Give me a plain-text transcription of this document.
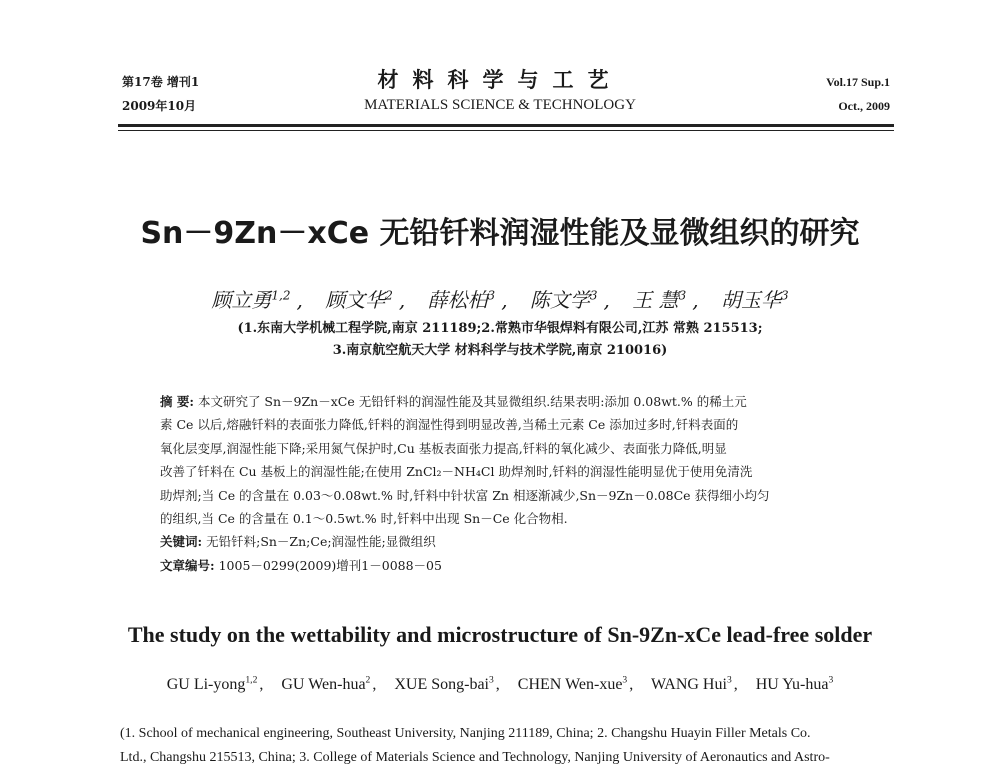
第17卷 增刊1
2009年10月
材料科学与工艺
MATERIALS SCIENCE & TECHNOLOGY
Vol.17 Sup.1
Oct., 2009
Sn－9Zn－xCe 无铅钎料润湿性能及显微组织的研究
顾立勇$^{1,2}$ , 顾文华$^2$ , 薛松柏$^3$ , 陈文学$^3$ , 王 慧$^3$ , 胡玉华$^3$
(1.东南大学机械工程学院,南京 211189;2.常熟市华银焊料有限公司,江苏 常熟 215513;
3.南京航空航天大学 材料科学与技术学院,南京 210016)
摘 要: 本文研究了 Sn－9Zn－xCe 无铅钎料的润湿性能及其显微组织.结果表明:添加 0.08wt.% 的稀土元
素 Ce 以后,熔融钎料的表面张力降低,钎料的润湿性得到明显改善,当稀土元素 Ce 添加过多时,钎料表面的
氧化层变厚,润湿性能下降;采用氮气保护时,Cu 基板表面张力提高,钎料的氧化减少、表面张力降低,明显
改善了钎料在 Cu 基板上的润湿性能;在使用 ZnCl₂－NH₄Cl 助焊剂时,钎料的润湿性能明显优于使用免清洗
助焊剂;当 Ce 的含量在 0.03～0.08wt.% 时,钎料中针状富 Zn 相逐渐减少,Sn－9Zn－0.08Ce 获得细小均匀
的组织,当 Ce 的含量在 0.1～0.5wt.% 时,钎料中出现 Sn－Ce 化合物相.
关键词: 无铅钎料;Sn－Zn;Ce;润湿性能;显微组织
文章编号: 1005－0299(2009)增刊1－0088－05
The study on the wettability and microstructure of Sn-9Zn-xCe lead-free solder
GU Li-yong$^{1,2}$ , GU Wen-hua$^2$ , XUE Song-bai$^3$ , CHEN Wen-xue$^3$ , WANG Hui$^3$ , HU Yu-hua$^3$
(1. School of mechanical engineering, Southeast University, Nanjing 211189, China; 2. Changshu Huayin Filler Metals Co.
Ltd., Changshu 215513, China; 3. College of Materials Science and Technology, Nanjing University of Aeronautics and Astro-
